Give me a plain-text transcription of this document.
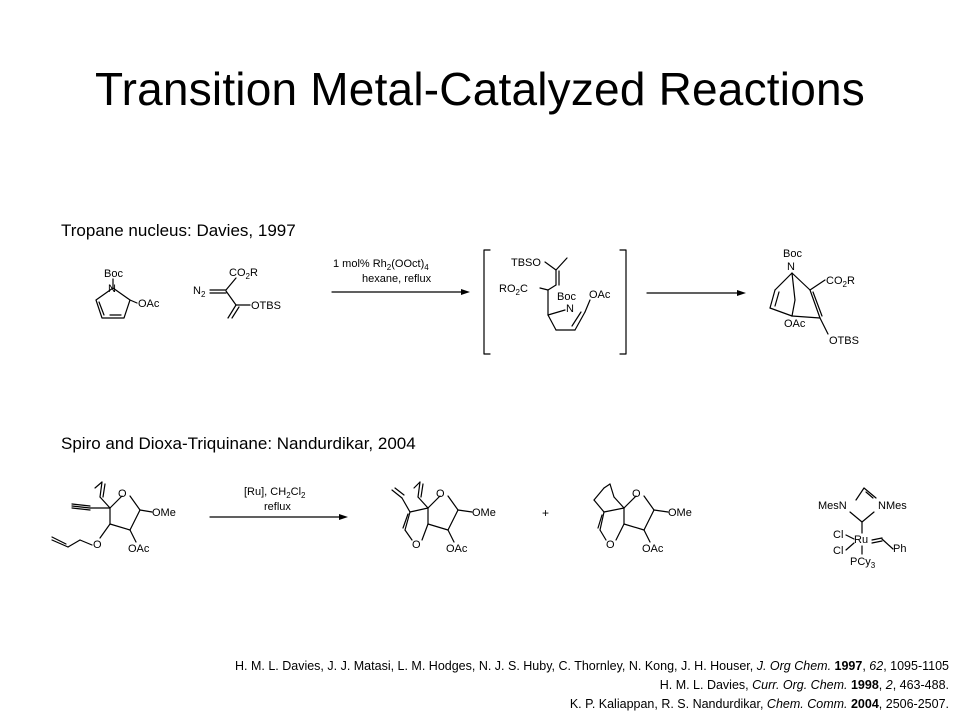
Transition Metal-Catalyzed Reactions
Tropane nucleus: Davies, 1997
Spiro and Dioxa-Triquinane: Nandurdikar, 2004
Boc
N
OAc
$CO_2R$
$N_2$
OTBS
1 mol% $Rh_2(OOct)_4$
hexane, reflux
TBSO
$RO_2C$
Boc
N
OAc
Boc
N
$CO_2R$
OAc
OTBS
O
OMe
OAc
O
[Ru], $CH_2Cl_2$
reflux
O
OMe
OAc
O
+
O
OMe
OAc
O
MesN	NMes
Ru
Cl
Cl	Ph
PCy$_3$
H. M. L. Davies, J. J. Matasi, L. M. Hodges, N. J. S. Huby, C. Thornley, N. Kong, J. H. Houser, J. Org Chem. 1997, 62, 1095-1105
H. M. L. Davies, Curr. Org. Chem. 1998, 2, 463-488.
K. P. Kaliappan, R. S. Nandurdikar, Chem. Comm. 2004, 2506-2507.
